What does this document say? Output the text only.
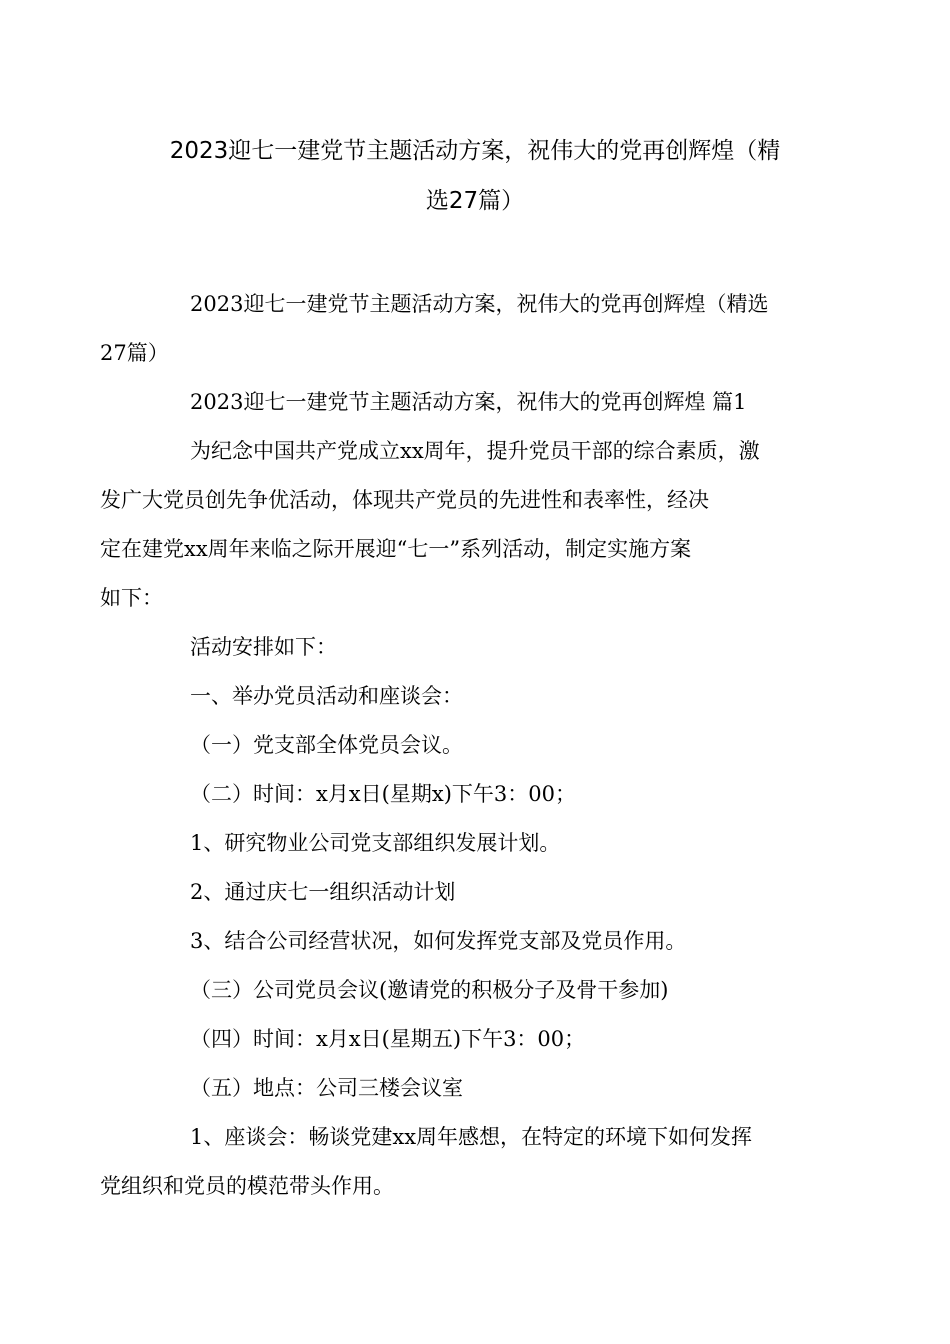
2023迎七一建党节主题活动方案，祝伟大的党再创辉煌（精
选27篇）

2023迎七一建党节主题活动方案，祝伟大的党再创辉煌（精选
27篇）

2023迎七一建党节主题活动方案，祝伟大的党再创辉煌 篇1

为纪念中国共产党成立xx周年，提升党员干部的综合素质，激
发广大党员创先争优活动，体现共产党员的先进性和表率性，经决
定在建党xx周年来临之际开展迎“七一”系列活动，制定实施方案
如下：

活动安排如下：

一、举办党员活动和座谈会：

（一）党支部全体党员会议。

（二）时间：x月x日(星期x)下午3：00；

1、研究物业公司党支部组织发展计划。

2、通过庆七一组织活动计划

3、结合公司经营状况，如何发挥党支部及党员作用。

（三）公司党员会议(邀请党的积极分子及骨干参加)

（四）时间：x月x日(星期五)下午3：00；

（五）地点：公司三楼会议室

1、座谈会：畅谈党建xx周年感想，在特定的环境下如何发挥
党组织和党员的模范带头作用。
